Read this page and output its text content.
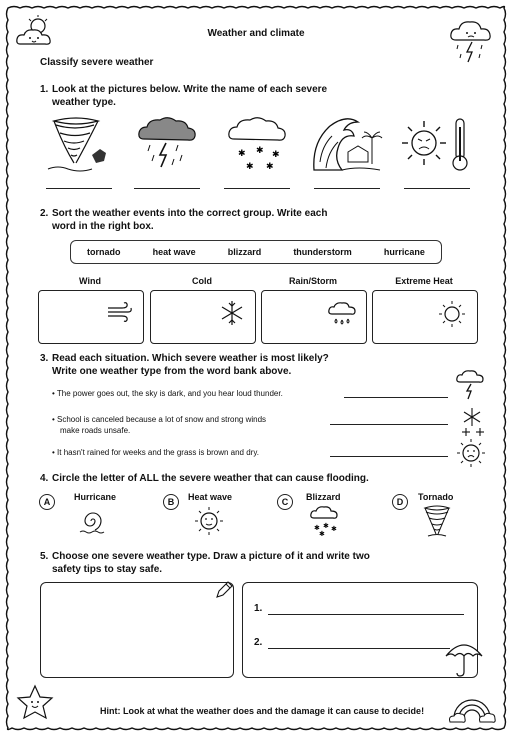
Weather and climate
Classify severe weather
1. Look at the pictures below. Write the name of each severe
weather type.
✱ ✱ ✱
✱ ✱
2. Sort the weather events into the correct group. Write each
word in the right box.
tornado	heat wave	blizzard	thunderstorm	hurricane
Wind	Cold	Rain/Storm	Extreme Heat
3. Read each situation. Which severe weather is most likely?
Write one weather type from the word bank above.
• The power goes out, the sky is dark, and you hear loud thunder.
• School is canceled because a lot of snow and strong winds
make roads unsafe.
• It hasn't rained for weeks and the grass is brown and dry.
4. Circle the letter of ALL the severe weather that can cause flooding.
A	Hurricane	B	Heat wave	C	Blizzard
✱ ✱ ✱
✱
D	Tornado
5. Choose one severe weather type. Draw a picture of it and write two
safety tips to stay safe.
1.
2.
Hint: Look at what the weather does and the damage it can cause to decide!
